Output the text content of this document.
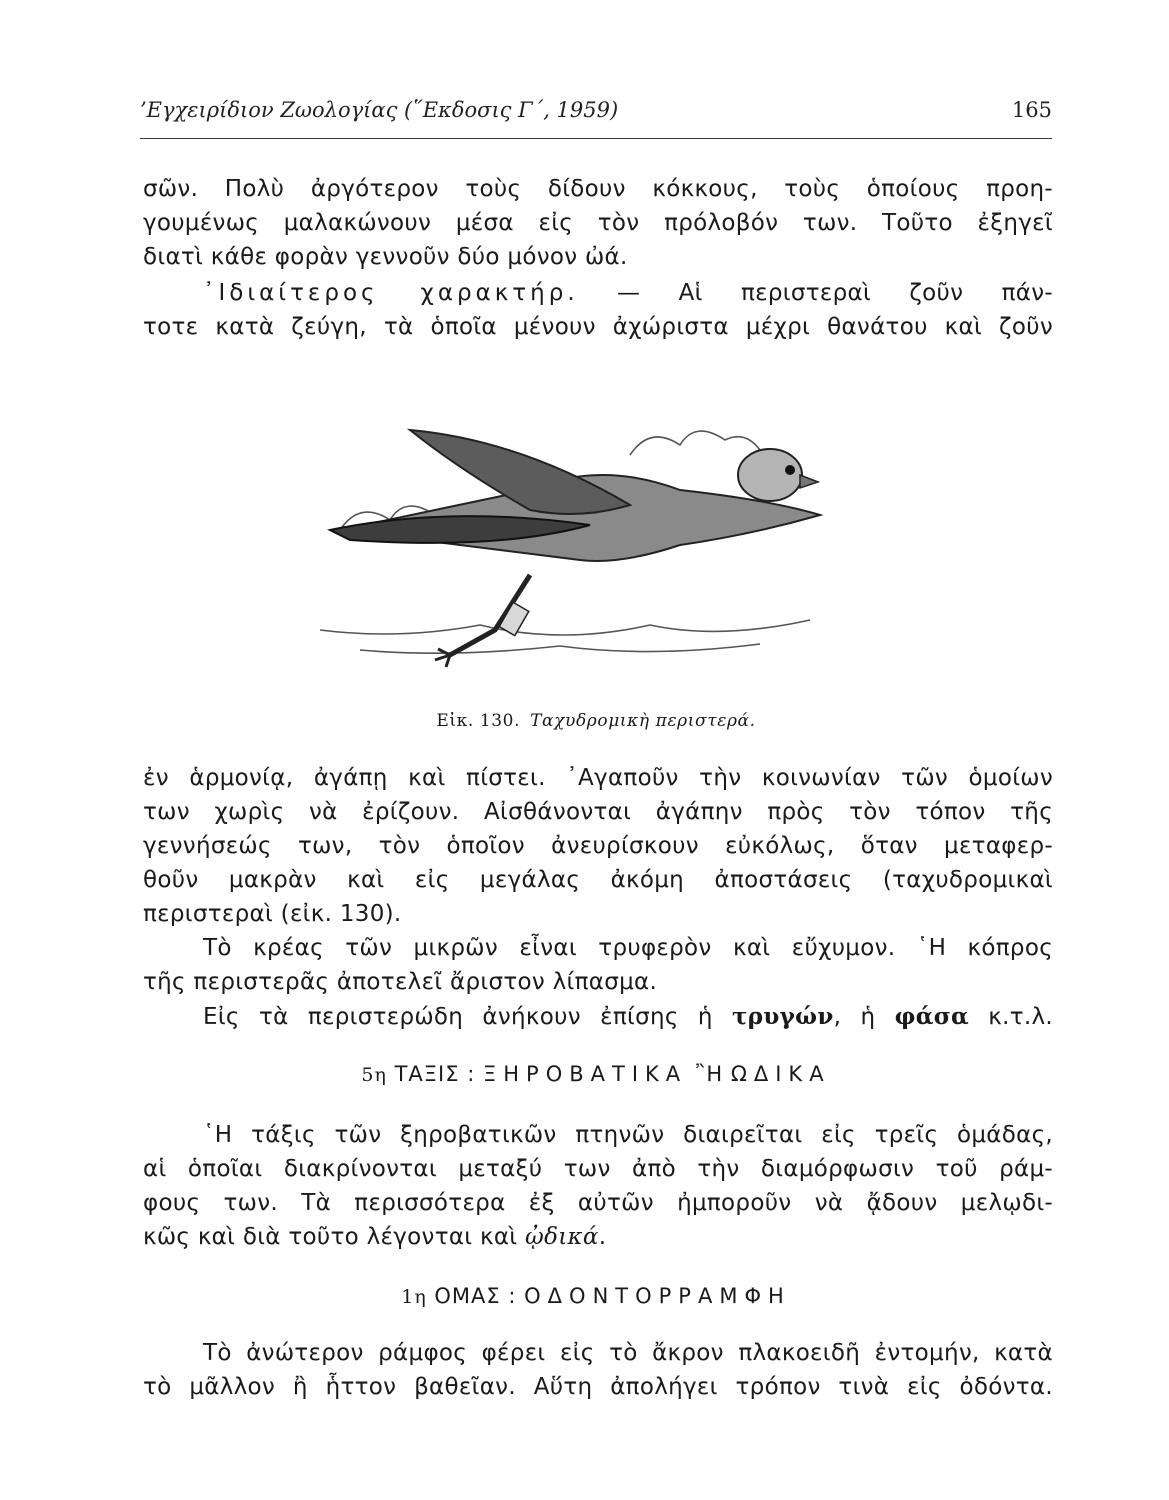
’Εγχειρίδιον Ζωολογίας (῞Εκδοσις Γ΄, 1959)	165
σῶν. Πολὺ ἀργότερον τοὺς δίδουν κόκκους, τοὺς ὁποίους προη-
γουμένως μαλακώνουν μέσα εἰς τὸν πρόλοβόν των. Τοῦτο ἐξηγεῖ
διατὶ κάθε φορὰν γεννοῦν δύο μόνον ὠά.
᾿Ιδιαίτερος χαρακτήρ. — Αἱ περιστεραὶ ζοῦν πάν-
τοτε κατὰ ζεύγη, τὰ ὁποῖα μένουν ἀχώριστα μέχρι θανάτου καὶ ζοῦν
Εἰκ. 130. Ταχυδρομικὴ περιστερά.
ἐν ἁρμονίᾳ, ἀγάπῃ καὶ πίστει. ᾿Αγαποῦν τὴν κοινωνίαν τῶν ὁμοίων
των χωρὶς νὰ ἐρίζουν. Αἰσθάνονται ἀγάπην πρὸς τὸν τόπον τῆς
γεννήσεώς των, τὸν ὁποῖον ἀνευρίσκουν εὐκόλως, ὅταν μεταφερ-
θοῦν μακρὰν καὶ εἰς μεγάλας ἀκόμη ἀποστάσεις (ταχυδρομικαὶ
περιστεραὶ (εἰκ. 130).
Τὸ κρέας τῶν μικρῶν εἶναι τρυφερὸν καὶ εὔχυμον. ῾Η κόπρος
τῆς περιστερᾶς ἀποτελεῖ ἄριστον λίπασμα.
Εἰς τὰ περιστερώδη ἀνήκουν ἐπίσης ἡ τρυγών, ἡ φάσα κ.τ.λ.
5η ΤΑΞΙΣ : ΞΗΡΟΒΑΤΙΚΑ ῍Η ΩΔΙΚΑ
῾Η τάξις τῶν ξηροβατικῶν πτηνῶν διαιρεῖται εἰς τρεῖς ὁμάδας,
αἱ ὁποῖαι διακρίνονται μεταξύ των ἀπὸ τὴν διαμόρφωσιν τοῦ ράμ-
φους των. Τὰ περισσότερα ἐξ αὐτῶν ἠμποροῦν νὰ ᾄδουν μελῳδι-
κῶς καὶ διὰ τοῦτο λέγονται καὶ ᾠδικά.
1η ΟΜΑΣ : ΟΔΟΝΤΟΡΡΑΜΦΗ
Τὸ ἀνώτερον ράμφος φέρει εἰς τὸ ἄκρον πλακοειδῆ ἐντομήν, κατὰ
τὸ μᾶλλον ἢ ἧττον βαθεῖαν. Αὕτη ἀπολήγει τρόπον τινὰ εἰς ὀδόντα.
